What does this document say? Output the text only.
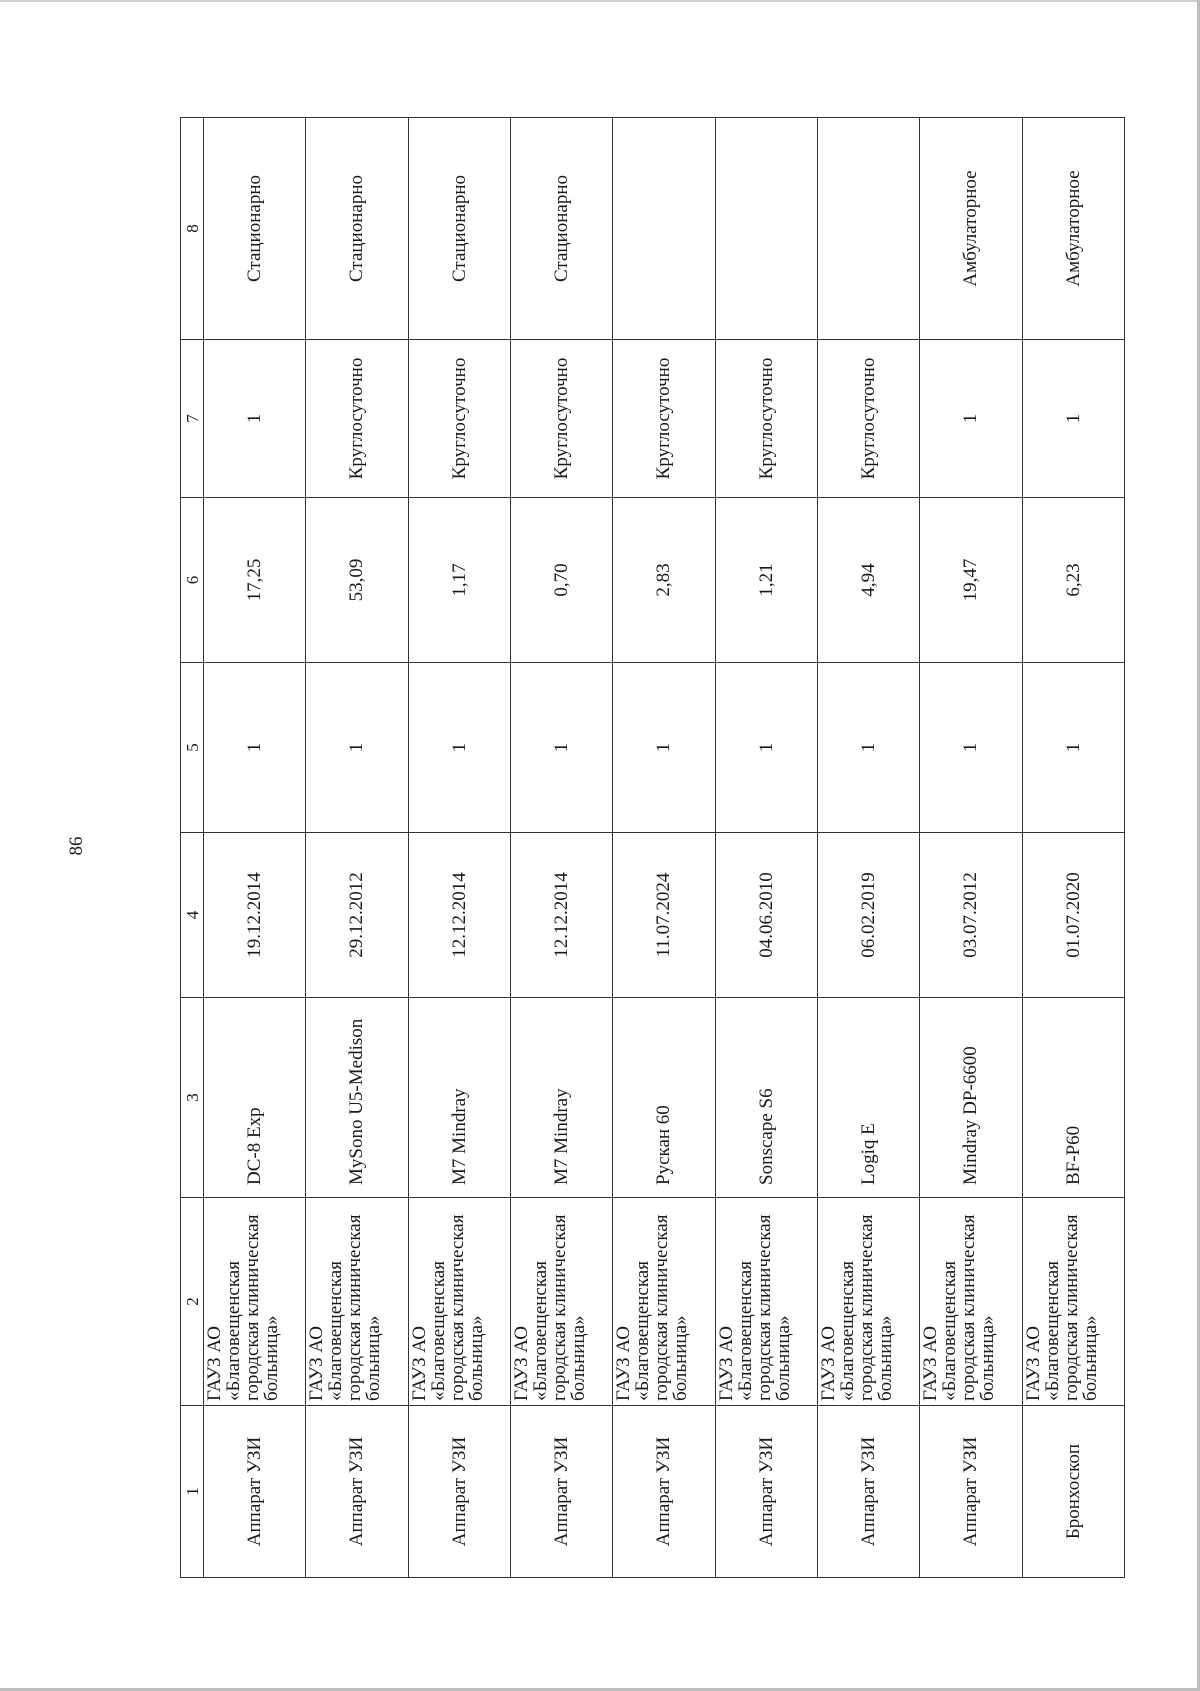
86
1	2	3	4	5	6	7	8
Аппарат УЗИ	ГАУЗ АО «Благовещенская городская клиническая больница»	DC-8 Exp	19.12.2014	1	17,25	1	Стационарно
Аппарат УЗИ	ГАУЗ АО «Благовещенская городская клиническая больница»	MySono U5-Medison	29.12.2012	1	53,09	Круглосуточно	Стационарно
Аппарат УЗИ	ГАУЗ АО «Благовещенская городская клиническая больница»	M7 Mindray	12.12.2014	1	1,17	Круглосуточно	Стационарно
Аппарат УЗИ	ГАУЗ АО «Благовещенская городская клиническая больница»	M7 Mindray	12.12.2014	1	0,70	Круглосуточно	Стационарно
Аппарат УЗИ	ГАУЗ АО «Благовещенская городская клиническая больница»	Рускан 60	11.07.2024	1	2,83	Круглосуточно	
Аппарат УЗИ	ГАУЗ АО «Благовещенская городская клиническая больница»	Sonscape S6	04.06.2010	1	1,21	Круглосуточно	
Аппарат УЗИ	ГАУЗ АО «Благовещенская городская клиническая больница»	Logiq E	06.02.2019	1	4,94	Круглосуточно	
Аппарат УЗИ	ГАУЗ АО «Благовещенская городская клиническая больница»	Mindray DP-6600	03.07.2012	1	19,47	1	Амбулаторное
Бронхоскоп	ГАУЗ АО «Благовещенская городская клиническая больница»	BF-P60	01.07.2020	1	6,23	1	Амбулаторное
